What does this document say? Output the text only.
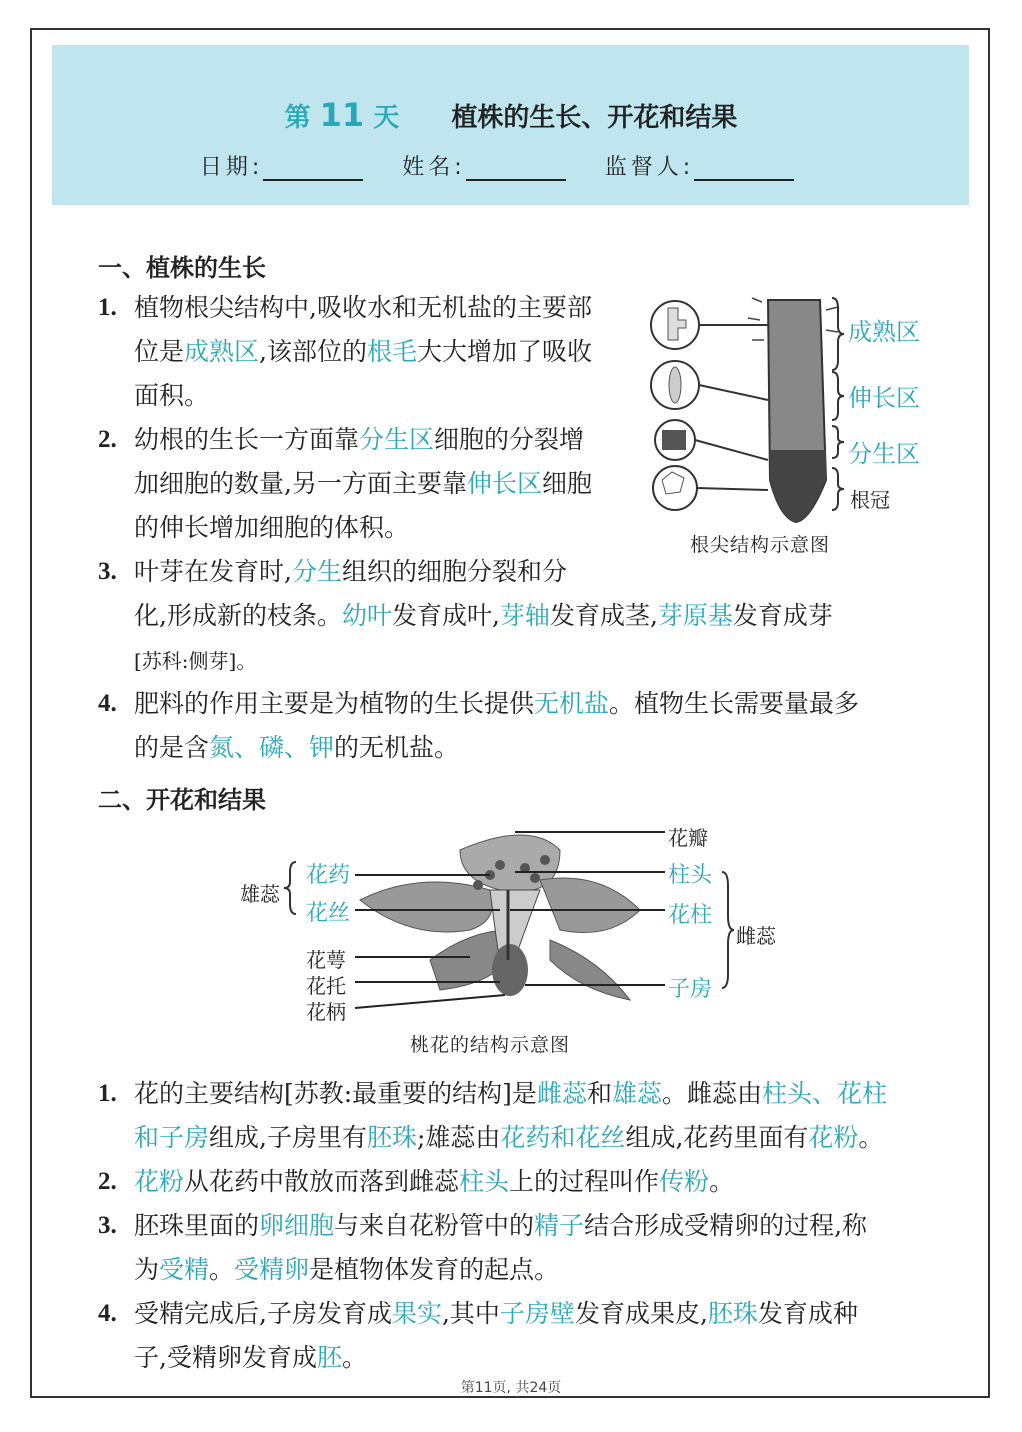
第 11 天 植株的生长、开花和结果
日期:	姓名:	监督人:
一、植株的生长
1. 植物根尖结构中,吸收水和无机盐的主要部
位是成熟区,该部位的根毛大大增加了吸收
面积。
2. 幼根的生长一方面靠分生区细胞的分裂增
加细胞的数量,另一方面主要靠伸长区细胞
的伸长增加细胞的体积。
3. 叶芽在发育时,分生组织的细胞分裂和分
化,形成新的枝条。幼叶发育成叶,芽轴发育成茎,芽原基发育成芽
[苏科:侧芽]。
4. 肥料的作用主要是为植物的生长提供无机盐。植物生长需要量最多
的是含氮、磷、钾的无机盐。
成熟区
伸长区
分生区
根冠
根尖结构示意图
二、开花和结果
花瓣
柱头
花柱
子房
雌蕊
花药
花丝
雄蕊
花萼
花托
花柄
桃花的结构示意图
1. 花的主要结构[苏教:最重要的结构]是雌蕊和雄蕊。雌蕊由柱头、花柱
和子房组成,子房里有胚珠;雄蕊由花药和花丝组成,花药里面有花粉。
2. 花粉从花药中散放而落到雌蕊柱头上的过程叫作传粉。
3. 胚珠里面的卵细胞与来自花粉管中的精子结合形成受精卵的过程,称
为受精。受精卵是植物体发育的起点。
4. 受精完成后,子房发育成果实,其中子房壁发育成果皮,胚珠发育成种
子,受精卵发育成胚。
第11页, 共24页
